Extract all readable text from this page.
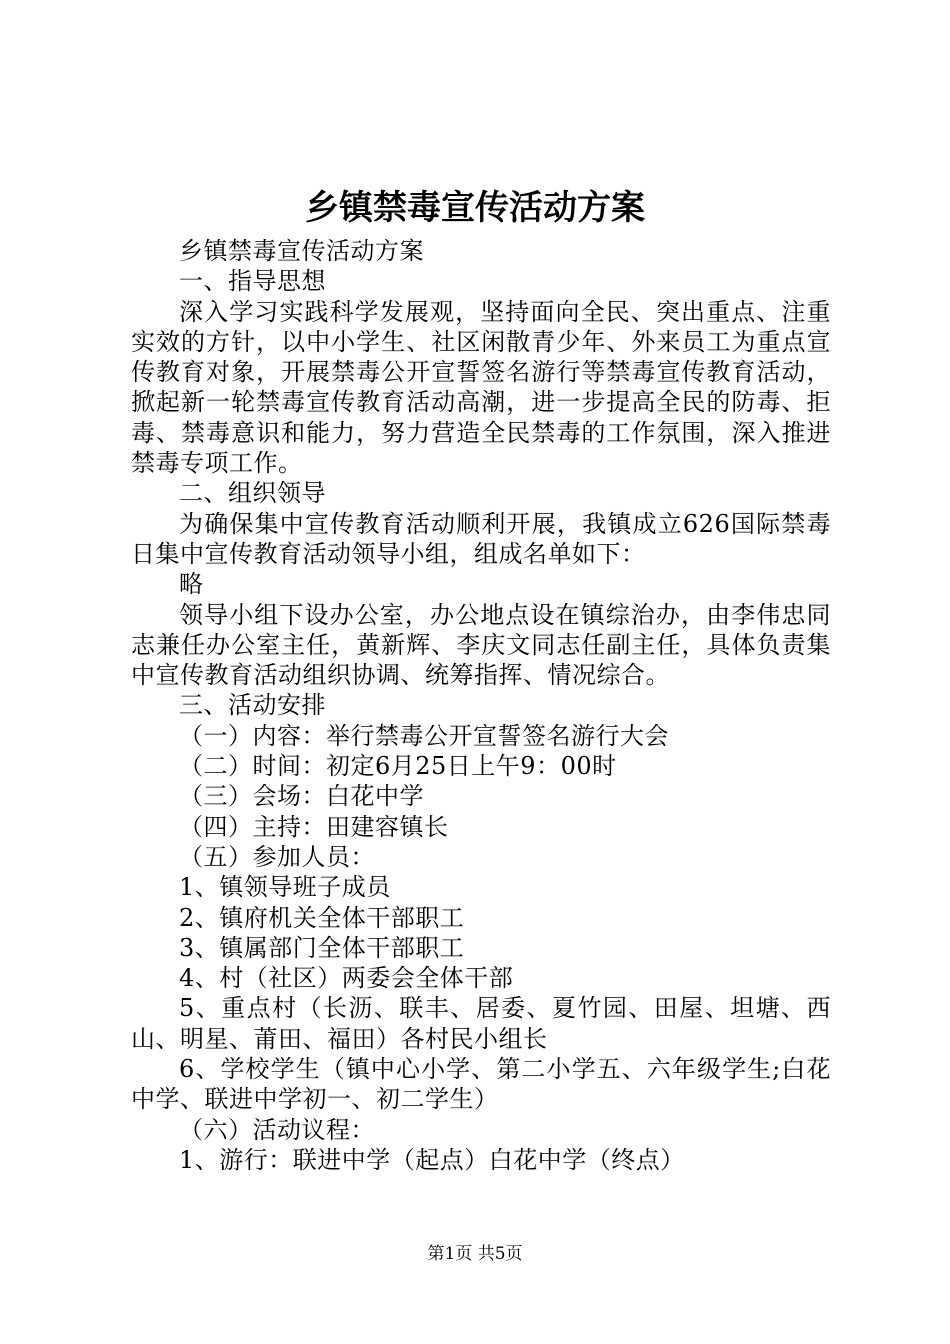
乡镇禁毒宣传活动方案

乡镇禁毒宣传活动方案

一、指导思想

深入学习实践科学发展观，坚持面向全民、突出重点、注重实效的方针，以中小学生、社区闲散青少年、外来员工为重点宣传教育对象，开展禁毒公开宣誓签名游行等禁毒宣传教育活动，掀起新一轮禁毒宣传教育活动高潮，进一步提高全民的防毒、拒毒、禁毒意识和能力，努力营造全民禁毒的工作氛围，深入推进禁毒专项工作。

二、组织领导

为确保集中宣传教育活动顺利开展，我镇成立626国际禁毒日集中宣传教育活动领导小组，组成名单如下：

略

领导小组下设办公室，办公地点设在镇综治办，由李伟忠同志兼任办公室主任，黄新辉、李庆文同志任副主任，具体负责集中宣传教育活动组织协调、统筹指挥、情况综合。

三、活动安排

（一）内容：举行禁毒公开宣誓签名游行大会

（二）时间：初定6月25日上午9：00时

（三）会场：白花中学

（四）主持：田建容镇长

（五）参加人员：

1、镇领导班子成员

2、镇府机关全体干部职工

3、镇属部门全体干部职工

4、村（社区）两委会全体干部

5、重点村（长沥、联丰、居委、夏竹园、田屋、坦塘、西山、明星、莆田、福田）各村民小组长

6、学校学生（镇中心小学、第二小学五、六年级学生;白花中学、联进中学初一、初二学生）

（六）活动议程：

1、游行：联进中学（起点）白花中学（终点）

第1页 共5页
